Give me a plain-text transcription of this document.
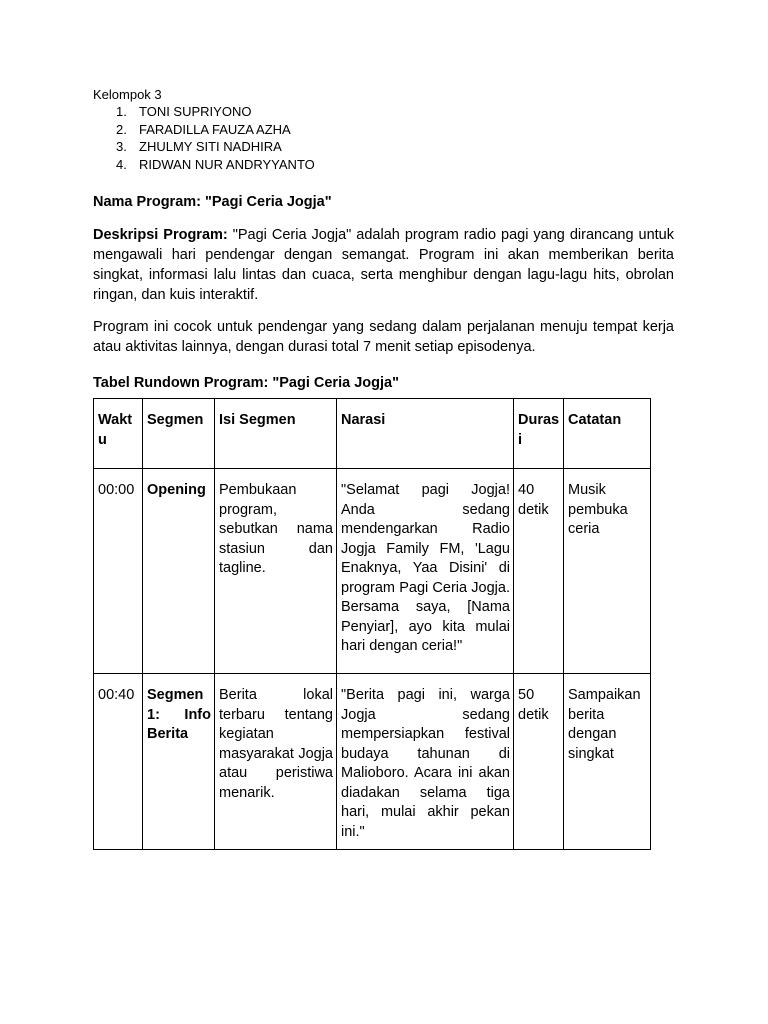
Kelompok 3
1. TONI SUPRIYONO
2. FARADILLA FAUZA AZHA
3. ZHULMY SITI NADHIRA
4. RIDWAN NUR ANDRYYANTO
Nama Program: "Pagi Ceria Jogja"

Deskripsi Program: "Pagi Ceria Jogja" adalah program radio pagi yang dirancang untuk mengawali hari pendengar dengan semangat. Program ini akan memberikan berita singkat, informasi lalu lintas dan cuaca, serta menghibur dengan lagu-lagu hits, obrolan ringan, dan kuis interaktif.

Program ini cocok untuk pendengar yang sedang dalam perjalanan menuju tempat kerja atau aktivitas lainnya, dengan durasi total 7 menit setiap episodenya.

Tabel Rundown Program: "Pagi Ceria Jogja"
Waktu	Segmen	Isi Segmen	Narasi	Durasi	Catatan
00:00	Opening	Pembukaan program, sebutkan nama stasiun dan tagline.	"Selamat pagi Jogja! Anda sedang mendengarkan Radio Jogja Family FM, 'Lagu Enaknya, Yaa Disini' di program Pagi Ceria Jogja. Bersama saya, [Nama Penyiar], ayo kita mulai hari dengan ceria!"	40 detik	Musik pembuka ceria
00:40	Segmen 1: Info Berita	Berita lokal terbaru tentang kegiatan masyarakat Jogja atau peristiwa menarik.	"Berita pagi ini, warga Jogja sedang mempersiapkan festival budaya tahunan di Malioboro. Acara ini akan diadakan selama tiga hari, mulai akhir pekan ini."	50 detik	Sampaikan berita dengan singkat
